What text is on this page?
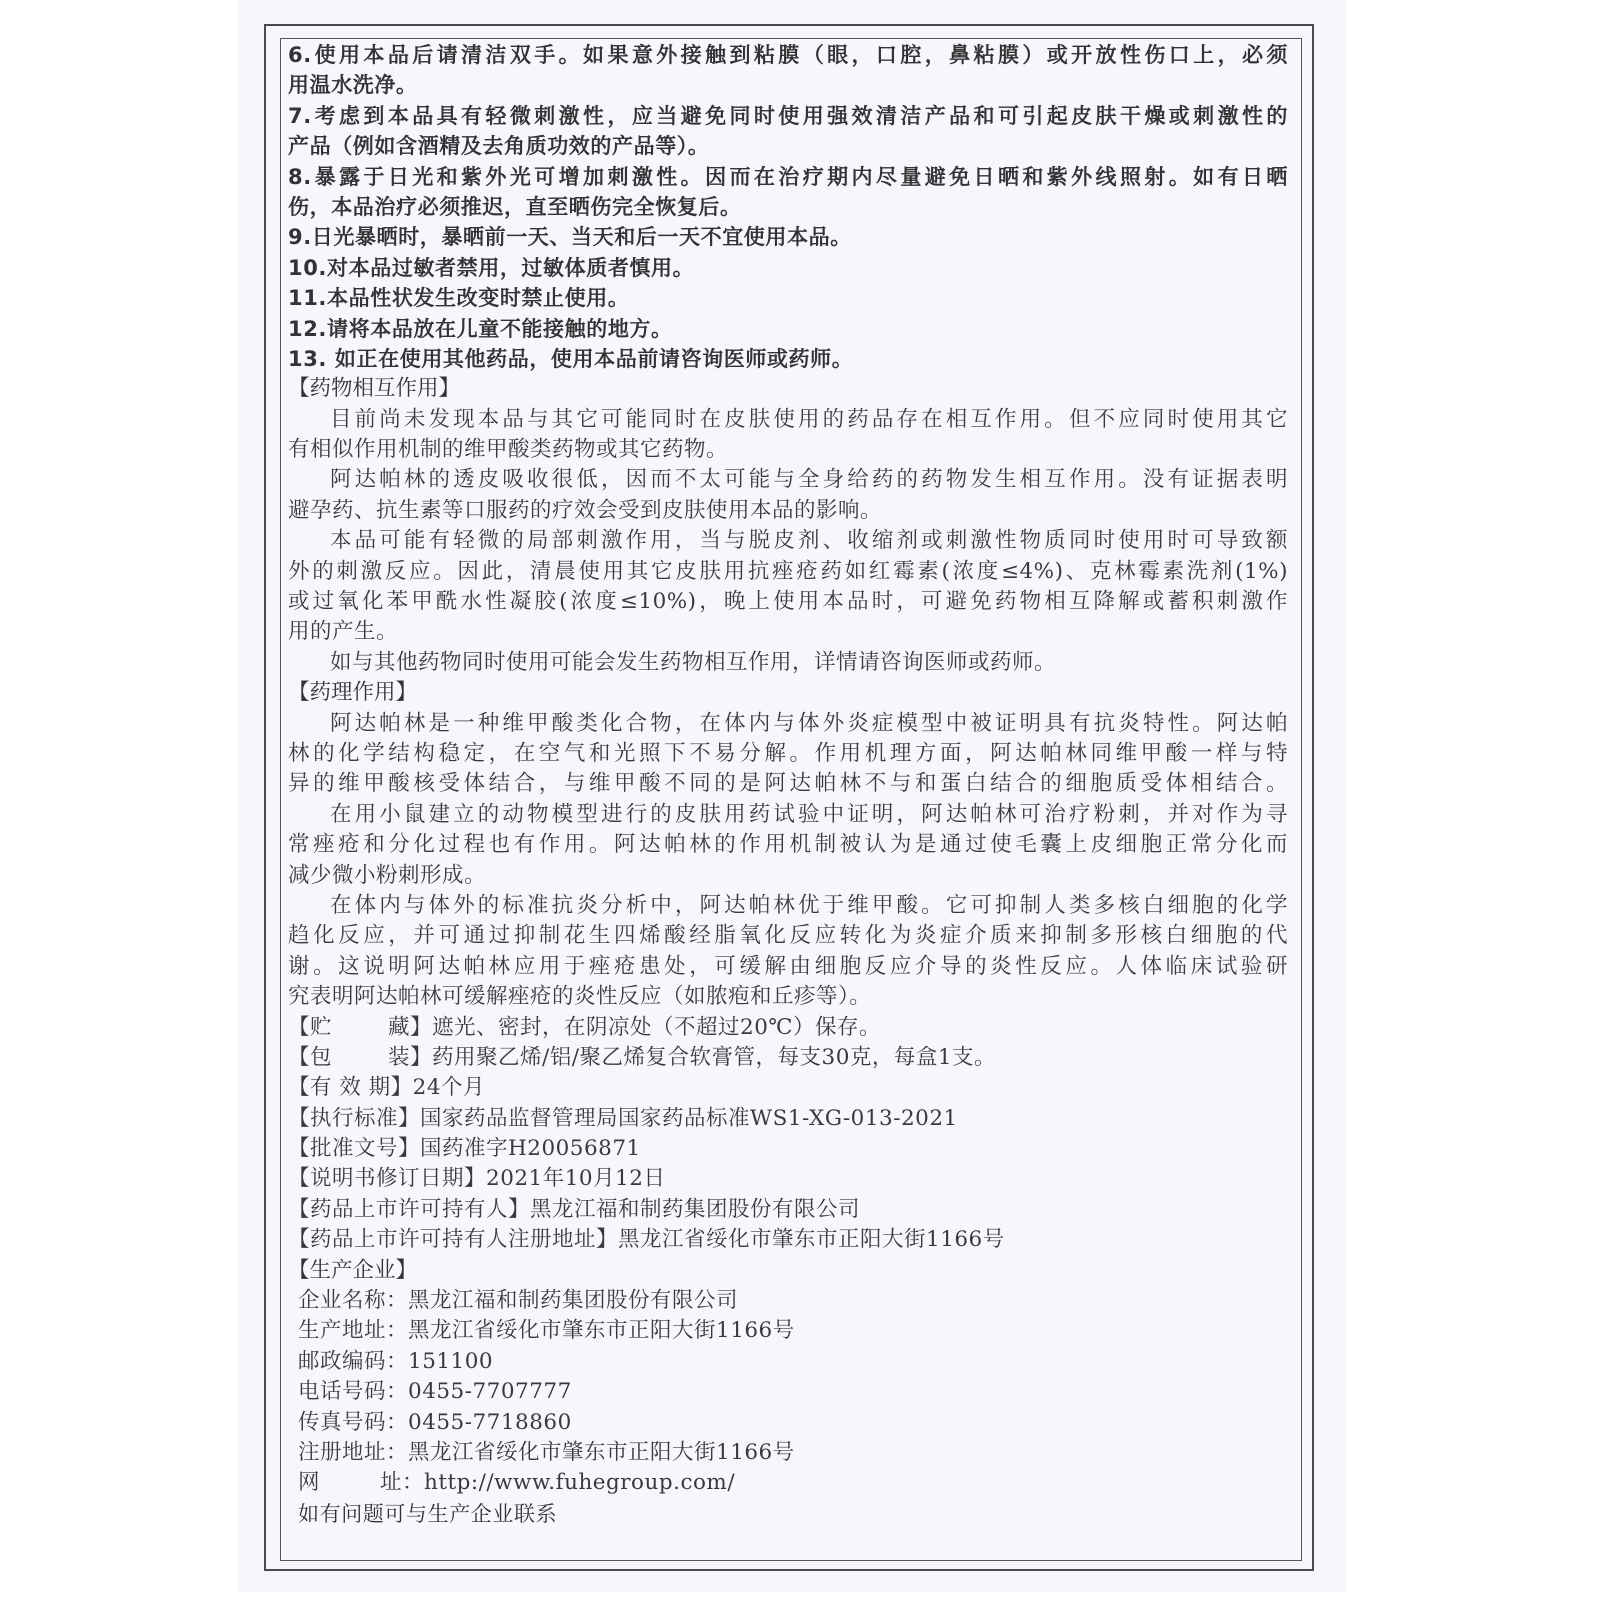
6.使用本品后请清洁双手。如果意外接触到粘膜（眼，口腔，鼻粘膜）或开放性伤口上，必须
用温水洗净。
7.考虑到本品具有轻微刺激性，应当避免同时使用强效清洁产品和可引起皮肤干燥或刺激性的
产品（例如含酒精及去角质功效的产品等）。
8.暴露于日光和紫外光可增加刺激性。因而在治疗期内尽量避免日晒和紫外线照射。如有日晒
伤，本品治疗必须推迟，直至晒伤完全恢复后。
9.日光暴晒时，暴晒前一天、当天和后一天不宜使用本品。
10.对本品过敏者禁用，过敏体质者慎用。
11.本品性状发生改变时禁止使用。
12.请将本品放在儿童不能接触的地方。
13. 如正在使用其他药品，使用本品前请咨询医师或药师。
【药物相互作用】
目前尚未发现本品与其它可能同时在皮肤使用的药品存在相互作用。但不应同时使用其它
有相似作用机制的维甲酸类药物或其它药物。
阿达帕林的透皮吸收很低，因而不太可能与全身给药的药物发生相互作用。没有证据表明
避孕药、抗生素等口服药的疗效会受到皮肤使用本品的影响。
本品可能有轻微的局部刺激作用，当与脱皮剂、收缩剂或刺激性物质同时使用时可导致额
外的刺激反应。因此，清晨使用其它皮肤用抗痤疮药如红霉素(浓度≤4%)、克林霉素洗剂(1%)
或过氧化苯甲酰水性凝胶(浓度≤10%)，晚上使用本品时，可避免药物相互降解或蓄积刺激作
用的产生。
如与其他药物同时使用可能会发生药物相互作用，详情请咨询医师或药师。
【药理作用】
阿达帕林是一种维甲酸类化合物，在体内与体外炎症模型中被证明具有抗炎特性。阿达帕
林的化学结构稳定，在空气和光照下不易分解。作用机理方面，阿达帕林同维甲酸一样与特
异的维甲酸核受体结合，与维甲酸不同的是阿达帕林不与和蛋白结合的细胞质受体相结合。
在用小鼠建立的动物模型进行的皮肤用药试验中证明，阿达帕林可治疗粉刺，并对作为寻
常痤疮和分化过程也有作用。阿达帕林的作用机制被认为是通过使毛囊上皮细胞正常分化而
减少微小粉刺形成。
在体内与体外的标准抗炎分析中，阿达帕林优于维甲酸。它可抑制人类多核白细胞的化学
趋化反应，并可通过抑制花生四烯酸经脂氧化反应转化为炎症介质来抑制多形核白细胞的代
谢。这说明阿达帕林应用于痤疮患处，可缓解由细胞反应介导的炎性反应。人体临床试验研
究表明阿达帕林可缓解痤疮的炎性反应（如脓疱和丘疹等）。
【贮	藏】遮光、密封，在阴凉处（不超过20℃）保存。
【包	装】药用聚乙烯/铝/聚乙烯复合软膏管，每支30克，每盒1支。
【有 效 期】24个月
【执行标准】国家药品监督管理局国家药品标准WS1-XG-013-2021
【批准文号】国药准字H20056871
【说明书修订日期】2021年10月12日
【药品上市许可持有人】黑龙江福和制药集团股份有限公司
【药品上市许可持有人注册地址】黑龙江省绥化市肇东市正阳大街1166号
【生产企业】
企业名称：黑龙江福和制药集团股份有限公司
生产地址：黑龙江省绥化市肇东市正阳大街1166号
邮政编码：151100
电话号码：0455-7707777
传真号码：0455-7718860
注册地址：黑龙江省绥化市肇东市正阳大街1166号
网	址：http://www.fuhegroup.com/
如有问题可与生产企业联系
